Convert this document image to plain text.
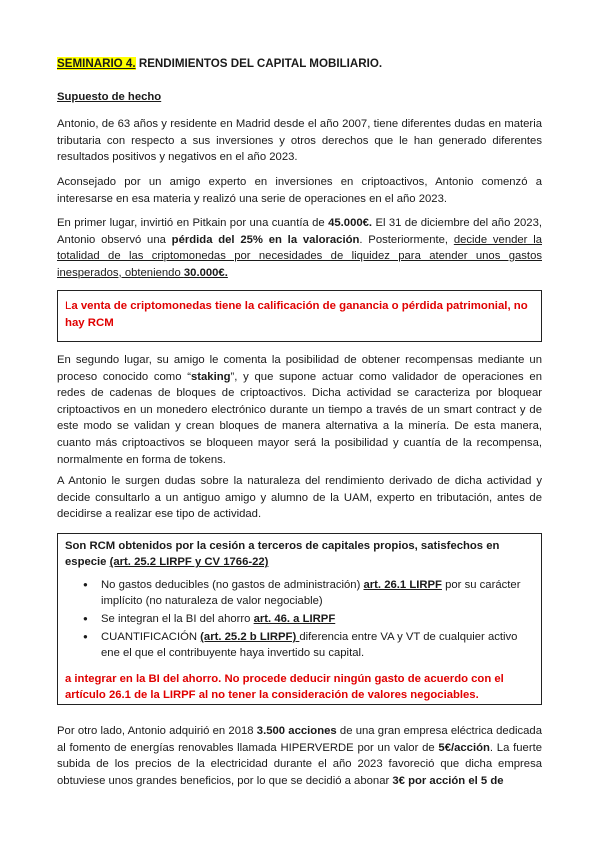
SEMINARIO 4. RENDIMIENTOS DEL CAPITAL MOBILIARIO.

Supuesto de hecho

Antonio, de 63 años y residente en Madrid desde el año 2007, tiene diferentes dudas en materia tributaria con respecto a sus inversiones y otros derechos que le han generado diferentes resultados positivos y negativos en el año 2023.

Aconsejado por un amigo experto en inversiones en criptoactivos, Antonio comenzó a interesarse en esa materia y realizó una serie de operaciones en el año 2023.

En primer lugar, invirtió en Pitkain por una cuantía de 45.000€. El 31 de diciembre del año 2023, Antonio observó una pérdida del 25% en la valoración. Posteriormente, decide vender la totalidad de las criptomonedas por necesidades de liquidez para atender unos gastos inesperados, obteniendo 30.000€.

La venta de criptomonedas tiene la calificación de ganancia o pérdida patrimonial, no hay RCM

En segundo lugar, su amigo le comenta la posibilidad de obtener recompensas mediante un proceso conocido como “staking”, y que supone actuar como validador de operaciones en redes de cadenas de bloques de criptoactivos. Dicha actividad se caracteriza por bloquear criptoactivos en un monedero electrónico durante un tiempo a través de un smart contract y de este modo se validan y crean bloques de manera alternativa a la minería. De esta manera, cuanto más criptoactivos se bloqueen mayor será la posibilidad y cuantía de la recompensa, normalmente en forma de tokens.

A Antonio le surgen dudas sobre la naturaleza del rendimiento derivado de dicha actividad y decide consultarlo a un antiguo amigo y alumno de la UAM, experto en tributación, antes de decidirse a realizar ese tipo de actividad.

Son RCM obtenidos por la cesión a terceros de capitales propios, satisfechos en especie (art. 25.2 LIRPF y CV 1766-22)

● No gastos deducibles (no gastos de administración) art. 26.1 LIRPF por su carácter implícito (no naturaleza de valor negociable)
● Se integran el la BI del ahorro art. 46. a LIRPF
● CUANTIFICACIÓN (art. 25.2 b LIRPF) diferencia entre VA y VT de cualquier activo ene el que el contribuyente haya invertido su capital.

a integrar en la BI del ahorro. No procede deducir ningún gasto de acuerdo con el artículo 26.1 de la LIRPF al no tener la consideración de valores negociables.

Por otro lado, Antonio adquirió en 2018 3.500 acciones de una gran empresa eléctrica dedicada al fomento de energías renovables llamada HIPERVERDE por un valor de 5€/acción. La fuerte subida de los precios de la electricidad durante el año 2023 favoreció que dicha empresa obtuviese unos grandes beneficios, por lo que se decidió a abonar 3€ por acción el 5 de
